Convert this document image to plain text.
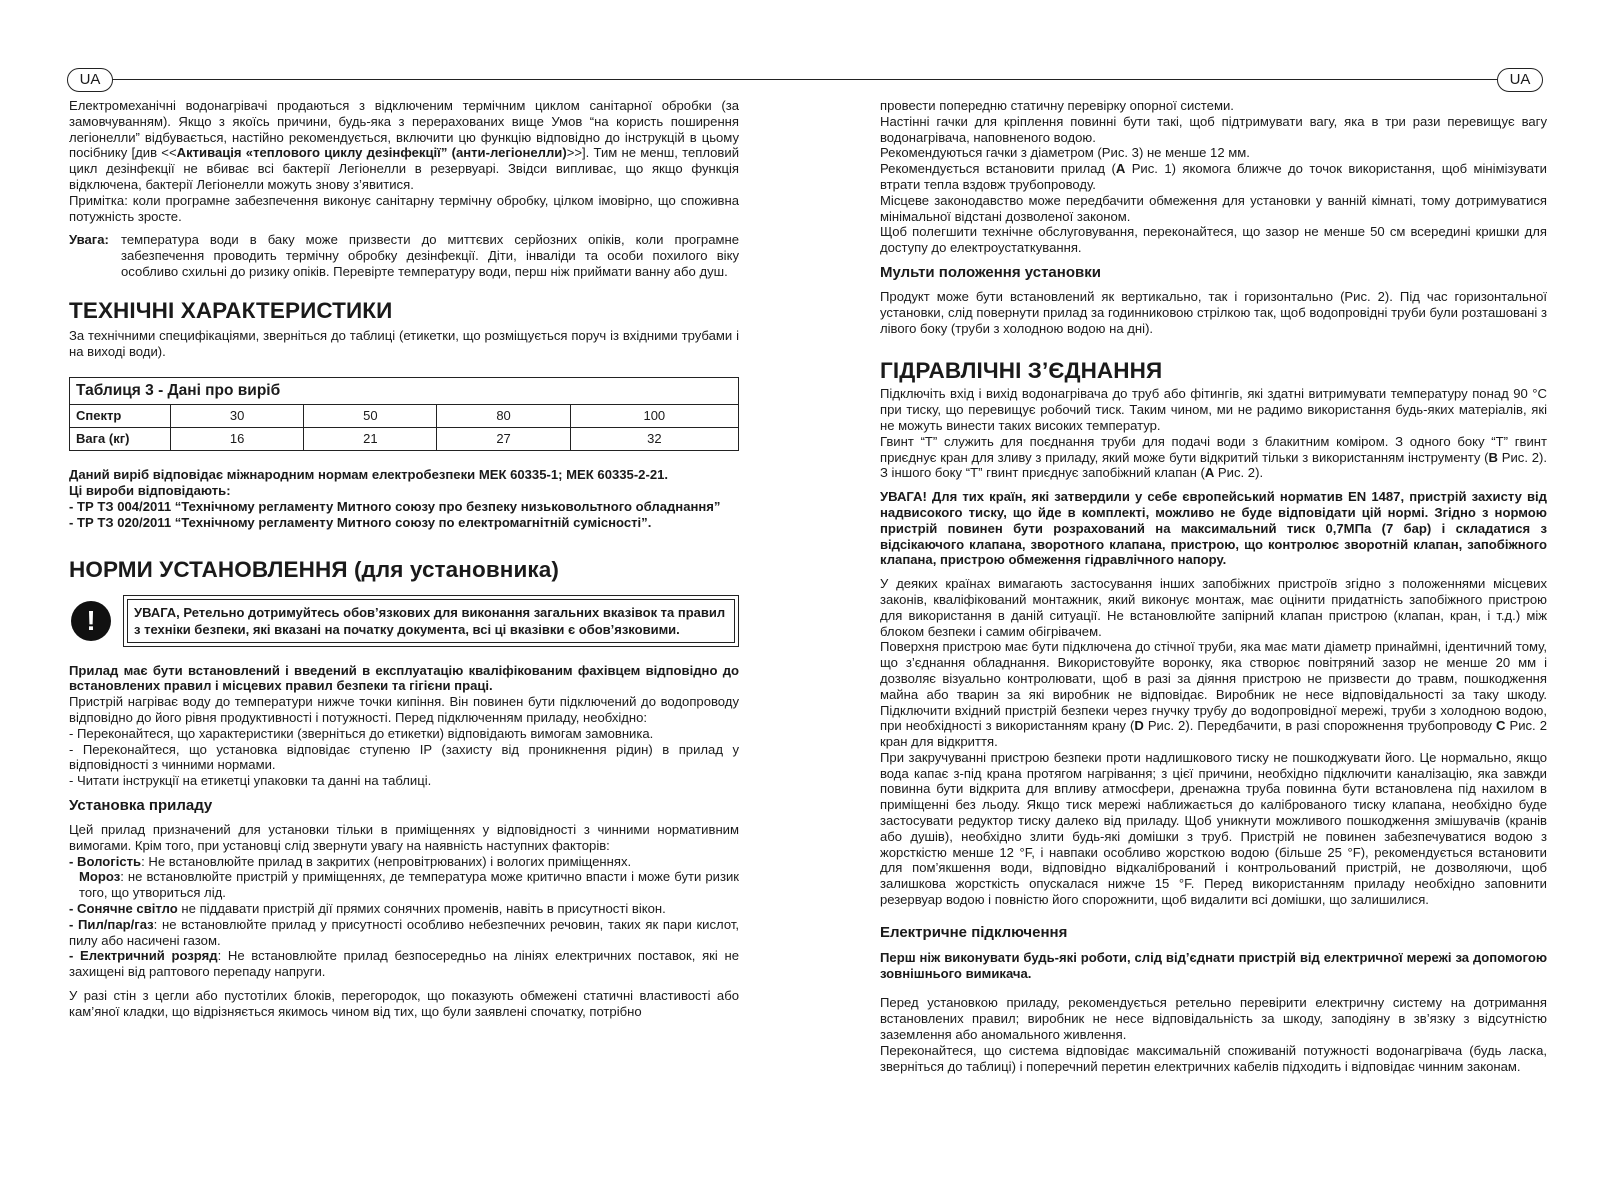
UA	UA

Електромеханічні водонагрівачі продаються з відключеним термічним циклом санітарної обробки (за замовчуванням). Якщо з якоїсь причини, будь-яка з перерахованих вище Умов “на користь поширення легіонелли” відбувається, настійно рекомендується, включити цю функцію відповідно до інструкцій в цьому посібнику [див <<Активація «теплового циклу дезінфекції” (анти-легіонелли)>>]. Тим не менш, тепловий цикл дезінфекції не вбиває всі бактерії Легіонелли в резервуарі. Звідси випливає, що якщо функція відключена, бактерії Легіонелли можуть знову з’явитися.

Примітка: коли програмне забезпечення виконує санітарну термічну обробку, цілком імовірно, що споживна потужність зросте.

Увага: температура води в баку може призвести до миттєвих серйозних опіків, коли програмне забезпечення проводить термічну обробку дезінфекції. Діти, інваліди та особи похилого віку особливо схильні до ризику опіків. Перевірте температуру води, перш ніж приймати ванну або душ.

ТЕХНІЧНІ ХАРАКТЕРИСТИКИ

За технічними специфікаціями, зверніться до таблиці (етикетки, що розміщується поруч із вхідними трубами і на виході води).

Таблиця 3 - Дані про виріб				
Спектр	30	50	80	100
Вага (кг)	16	21	27	32

Даний виріб відповідає міжнародним нормам електробезпеки МЕК 60335-1; МЕК 60335-2-21.

Ці вироби відповідають:

- ТР ТЗ 004/2011 “Технічному регламенту Митного союзу про безпеку низьковольтного обладнання”

- ТР ТЗ 020/2011 “Технічному регламенту Митного союзу по електромагнітній сумісності”.

НОРМИ УСТАНОВЛЕННЯ (для установника)

!	УВАГА, Ретельно дотримуйтесь обов’язкових для виконання загальних вказівок та правил з техніки безпеки, які вказані на початку документа, всі ці вказівки є обов’язковими.

Прилад має бути встановлений і введений в експлуатацію кваліфікованим фахівцем відповідно до встановлених правил і місцевих правил безпеки та гігієни праці.

Пристрій нагріває воду до температури нижче точки кипіння. Він повинен бути підключений до водопроводу відповідно до його рівня продуктивності і потужності. Перед підключенням приладу, необхідно:

- Переконайтеся, що характеристики (зверніться до етикетки) відповідають вимогам замовника.

- Переконайтеся, що установка відповідає ступеню IP (захисту від проникнення рідин) в прилад у відповідності з чинними нормами.

- Читати інструкції на етикетці упаковки та данні на таблиці.

Установка приладу

Цей прилад призначений для установки тільки в приміщеннях у відповідності з чинними нормативним вимогами. Крім того, при установці слід звернути увагу на наявність наступних факторів:

- Вологість: Не встановлюйте прилад в закритих (непровітрюваних) і вологих приміщеннях.

Мороз: не встановлюйте пристрій у приміщеннях, де температура може критично впасти і може бути ризик того, що утвориться лід.

- Сонячне світло не піддавати пристрій дії прямих сонячних променів, навіть в присутності вікон.

- Пил/пар/газ: не встановлюйте прилад у присутності особливо небезпечних речовин, таких як пари кислот, пилу або насичені газом.

- Електричний розряд: Не встановлюйте прилад безпосередньо на лініях електричних поставок, які не захищені від раптового перепаду напруги.

У разі стін з цегли або пустотілих блоків, перегородок, що показують обмежені статичні властивості або кам’яної кладки, що відрізняється якимось чином від тих, що були заявлені спочатку, потрібно

провести попередню статичну перевірку опорної системи.

Настінні гачки для кріплення повинні бути такі, щоб підтримувати вагу, яка в три рази перевищує вагу водонагрівача, наповненого водою.

Рекомендуються гачки з діаметром (Рис. 3) не менше 12 мм.

Рекомендується встановити прилад (А Рис. 1) якомога ближче до точок використання, щоб мінімізувати втрати тепла вздовж трубопроводу.

Місцеве законодавство може передбачити обмеження для установки у ванній кімнаті, тому дотримуватися мінімальної відстані дозволеної законом.

Щоб полегшити технічне обслуговування, переконайтеся, що зазор не менше 50 см всередині кришки для доступу до електроустаткування.

Мульти положення установки

Продукт може бути встановлений як вертикально, так і горизонтально (Рис. 2). Під час горизонтальної установки, слід повернути прилад за годинниковою стрілкою так, щоб водопровідні труби були розташовані з лівого боку (труби з холодною водою на дні).

ГІДРАВЛІЧНІ З’ЄДНАННЯ

Підключіть вхід і вихід водонагрівача до труб або фітингів, які здатні витримувати температуру понад 90 °С при тиску, що перевищує робочий тиск. Таким чином, ми не радимо використання будь-яких матеріалів, які не можуть винести таких високих температур.

Гвинт “Т” служить для поєднання труби для подачі води з блакитним коміром. З одного боку “Т” гвинт приєднує кран для зливу з приладу, який може бути відкритий тільки з використанням інструменту (В Рис. 2). З іншого боку “Т” гвинт приєднує запобіжний клапан (А Рис. 2).

УВАГА! Для тих країн, які затвердили у себе європейський норматив EN 1487, пристрій захисту від надвисокого тиску, що йде в комплекті, можливо не буде відповідати цій нормі. Згідно з нормою пристрій повинен бути розрахований на максимальний тиск 0,7МПа (7 бар) і складатися з відсікаючого клапана, зворотного клапана, пристрою, що контролює зворотній клапан, запобіжного клапана, пристрою обмеження гідравлічного напору.

У деяких країнах вимагають застосування інших запобіжних пристроїв згідно з положеннями місцевих законів, кваліфікований монтажник, який виконує монтаж, має оцінити придатність запобіжного пристрою для використання в даній ситуації. Не встановлюйте запірний клапан пристрою (клапан, кран, і т.д.) між блоком безпеки і самим обігрівачем.

Поверхня пристрою має бути підключена до стічної труби, яка має мати діаметр принаймні, ідентичний тому, що з’єднання обладнання. Використовуйте воронку, яка створює повітряний зазор не менше 20 мм і дозволяє візуально контролювати, щоб в разі за діяння пристрою не призвести до травм, пошкодження майна або тварин за які виробник не відповідає. Виробник не несе відповідальності за таку шкоду. Підключити вхідний пристрій безпеки через гнучку трубу до водопровідної мережі, труби з холодною водою, при необхідності з використанням крану (D Рис. 2). Передбачити, в разі спорожнення трубопроводу С Рис. 2 кран для відкриття.

При закручуванні пристрою безпеки проти надлишкового тиску не пошкоджувати його. Це нормально, якщо вода капає з-під крана протягом нагрівання; з цієї причини, необхідно підключити каналізацію, яка завжди повинна бути відкрита для впливу атмосфери, дренажна труба повинна бути встановлена під нахилом в приміщенні без льоду. Якщо тиск мережі наближається до каліброваного тиску клапана, необхідно буде застосувати редуктор тиску далеко від приладу. Щоб уникнути можливого пошкодження змішувачів (кранів або душів), необхідно злити будь-які домішки з труб. Пристрій не повинен забезпечуватися водою з жорсткістю менше 12 °F, і навпаки особливо жорсткою водою (більше 25 °F), рекомендується встановити для пом’якшення води, відповідно відкалібрований і контрольований пристрій, не дозволяючи, щоб залишкова жорсткість опускалася нижче 15 °F. Перед використанням приладу необхідно заповнити резервуар водою і повністю його спорожнити, щоб видалити всі домішки, що залишилися.

Електричне підключення

Перш ніж виконувати будь-які роботи, слід від’єднати пристрій від електричної мережі за допомогою зовнішнього вимикача.

Перед установкою приладу, рекомендується ретельно перевірити електричну систему на дотримання встановлених правил; виробник не несе відповідальність за шкоду, заподіяну в зв’язку з відсутністю заземлення або аномального живлення.

Переконайтеся, що система відповідає максимальній споживаній потужності водонагрівача (будь ласка, зверніться до таблиці) і поперечний перетин електричних кабелів підходить і відповідає чинним законам.
